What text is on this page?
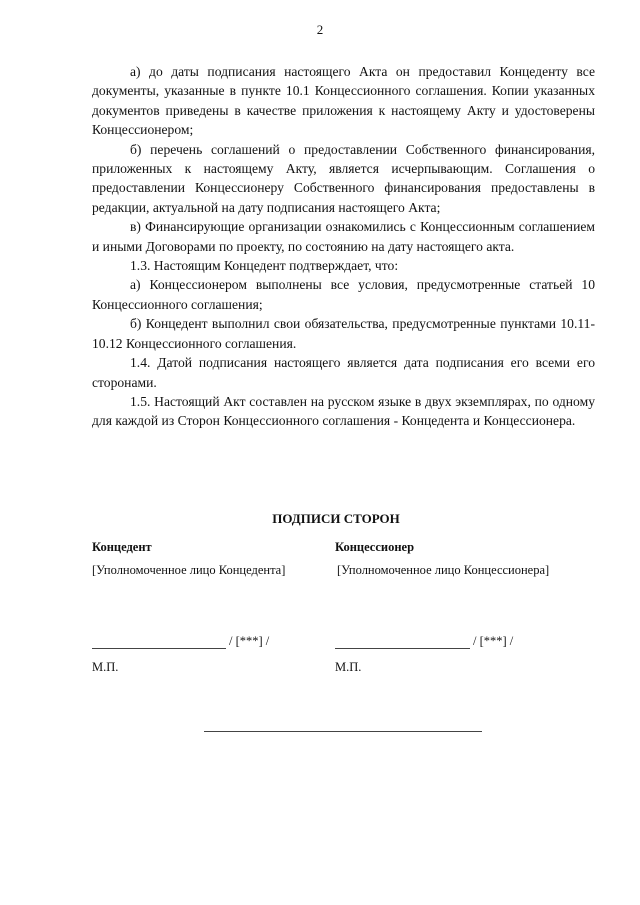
2

а) до даты подписания настоящего Акта он предоставил Концеденту все документы, указанные в пункте 10.1 Концессионного соглашения. Копии указанных документов приведены в качестве приложения к настоящему Акту и удостоверены Концессионером;

б) перечень соглашений о предоставлении Собственного финансирования, приложенных к настоящему Акту, является исчерпывающим. Соглашения о предоставлении Концессионеру Собственного финансирования предоставлены в редакции, актуальной на дату подписания настоящего Акта;

в) Финансирующие организации ознакомились с Концессионным соглашением и иными Договорами по проекту, по состоянию на дату настоящего акта.

1.3. Настоящим Концедент подтверждает, что:

а) Концессионером выполнены все условия, предусмотренные статьей 10 Концессионного соглашения;

б) Концедент выполнил свои обязательства, предусмотренные пунктами 10.11-10.12 Концессионного соглашения.

1.4. Датой подписания настоящего является дата подписания его всеми его сторонами.

1.5. Настоящий Акт составлен на русском языке в двух экземплярах, по одному для каждой из Сторон Концессионного соглашения - Концедента и Концессионера.

ПОДПИСИ СТОРОН
Концедент
[Уполномоченное лицо Концедента]
/ [***] /
М.П.
Концессионер
[Уполномоченное лицо Концессионера]
/ [***] /
М.П.
